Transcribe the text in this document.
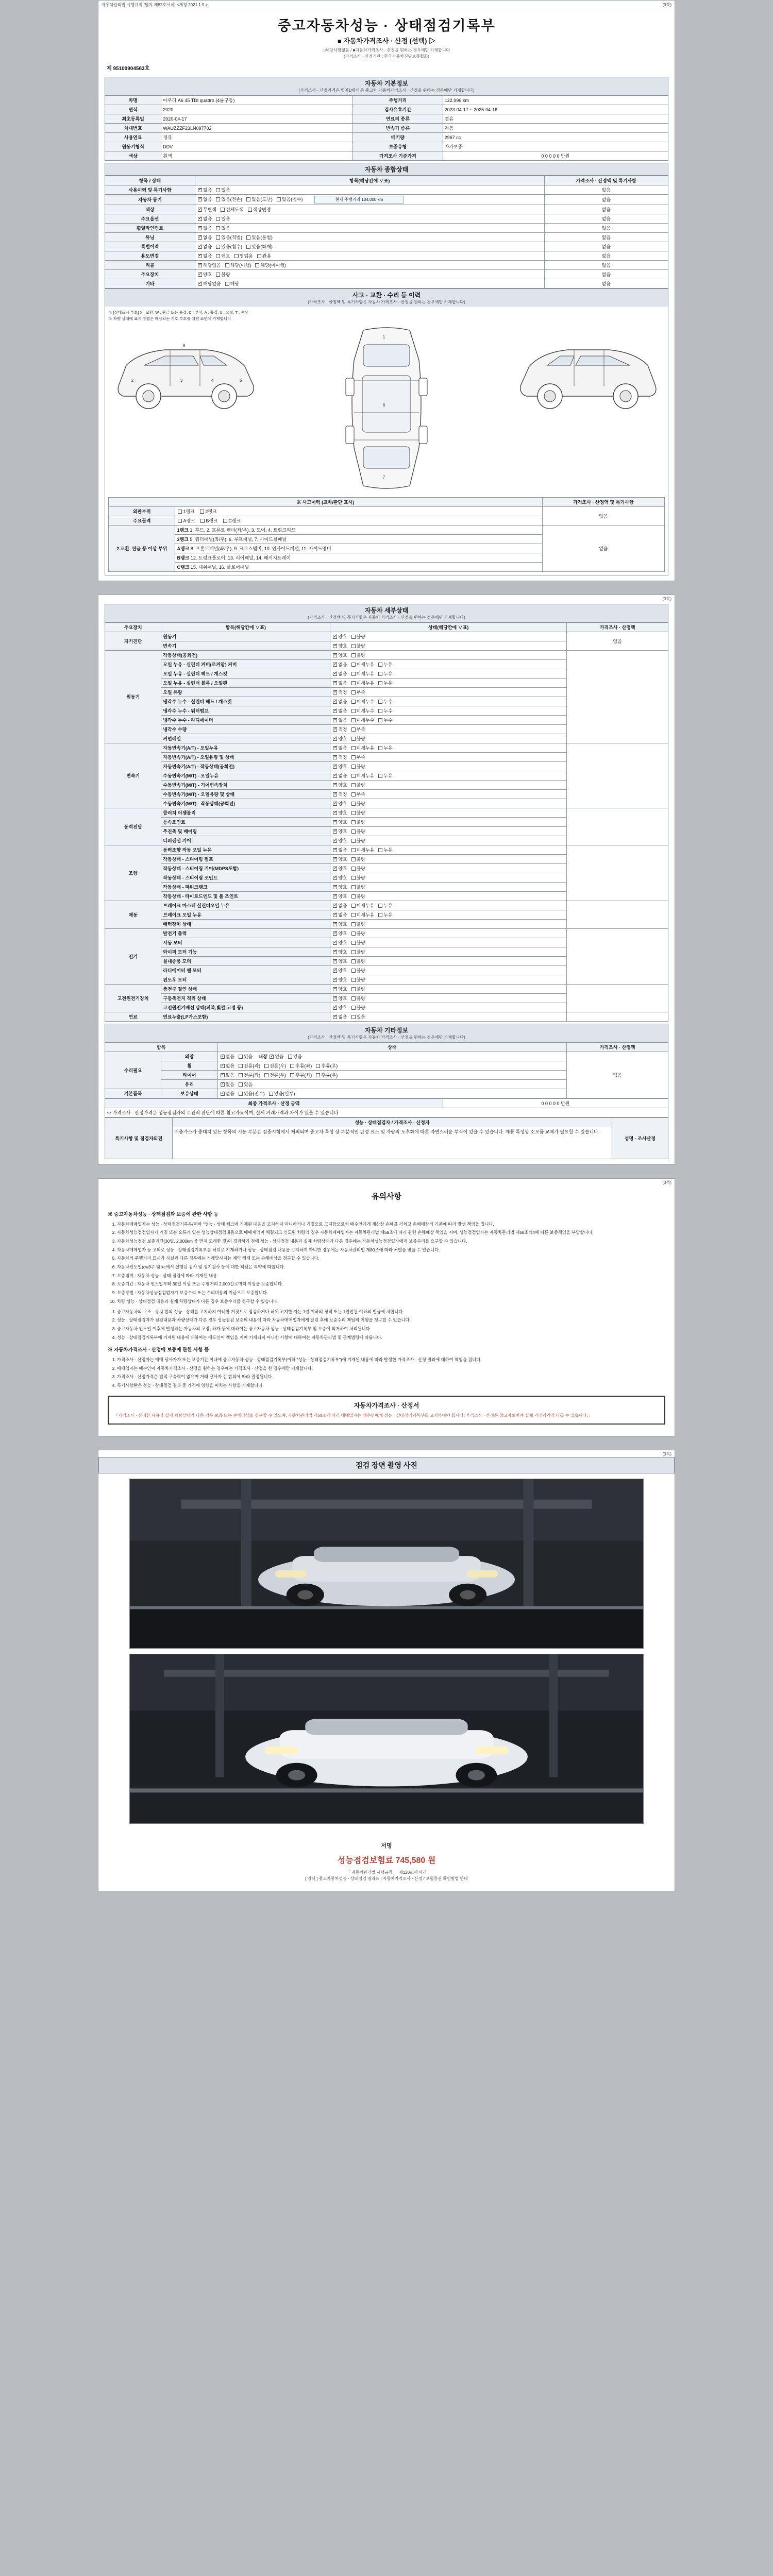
자동차관리법 시행규칙 [별지 제82호서식] <개정 2021.1.5.>	(3쪽)
중고자동차성능 · 상태점검기록부
■ 자동차가격조사 · 산정 (선택) ▷
□해당사항없음 / ■자동차가격조사 · 산정을 원하는 경우에만 기재합니다
(가격조사 · 산정기관 : 한국자동차진단보증협회)
제 95100904563호
자동차 기본정보
(가격조사 · 산정가격은 별지1에 따른 중고차 자동차가격조사 · 산정을 원하는 경우에만 기재합니다)
차명	아우디 A6 45 TDI quattro (4륜구동)	주행거리	122,996 km
연식	2020	검사유효기간	2023-04-17 ~ 2025-04-16
최초등록일	2020-04-17	연료의 종류	경유
차대번호	WAUZZZF23LN097702	변속기 종류	자동
사용연료	경유	배기량	2967 cc
원동기형식	DDV	보증유형	자가보증
색상	흰색	가격조사 기준가격	0 0 0 0 0 만원
자동차 종합상태
항목 / 상태	항목(해당칸에 ∨표)	가격조사 · 산정액 및 특기사항
사용이력 및 특기사항	✓없음 있음	없음
자동차 등기	✓없음 있음(전손) 있음(도난) 있음(침수) 현재 주행거리 104,000 km	없음
색상	✓무변색 전체도색 색상변경	없음
주요옵션	✓없음 있음	없음
휠얼라인먼트	✓없음 있음	없음
튜닝	✓없음 있음(적법) 있음(불법)	없음
특별이력	✓없음 있음(침수) 있음(화재)	없음
용도변경	✓없음 렌트 영업용 관용	없음
리콜	✓해당없음 해당(이행) 해당(미이행)	없음
주요장치	✓양호 불량	없음
기타	✓해당없음 해당	없음
사고 · 교환 · 수리 등 이력
(가격조사 · 산정액 및 특기사항은 자동차 가격조사 · 산정을 원하는 경우에만 기재합니다)
※ [상태표시 부호] X : 교환, W : 판금 또는 용접, C : 부식, A : 흠집, U : 요철, T : 손상
※ 차량 상태에 표시 방법은 해당되는 기호 부호를 차량 표면에 기재합니다
2	3	4	5
6
1
6
7
※ 사고이력 (교차/판단 표시)		가격조사 · 산정액 및 특기사항
외판부위	1랭크 2랭크	없음
주요골격	A랭크 B랭크 C랭크	
2.교환, 판금 등 이상 부위	1랭크 1. 후드, 2. 프론트 펜더(좌/우), 3. 도어, 4. 트렁크리드	없음
	2랭크 5. 쿼터패널(좌/우), 6. 루프패널, 7. 사이드실패널	
	A랭크 8. 프론트패널(좌/우), 9. 크로스멤버, 10. 인사이드패널, 11. 사이드멤버	
	B랭크 12. 트렁크플로어, 13. 리어패널, 14. 패키지트레이	
	C랭크 15. 대쉬패널, 16. 플로어패널	
(3쪽)
자동차 세부상태
(가격조사 · 산정액 및 특기사항은 자동차 가격조사 · 산정을 원하는 경우에만 기재합니다)
주요장치	항목(해당칸에 ∨표)	상태(해당칸에 ∨표)	가격조사 · 산정액
자기진단	원동기	✓양호 불량	없음
	변속기	✓양호 불량
원동기	작동상태(공회전)	✓양호 불량	
	오일 누유 - 실린더 커버(로커암) 커버	✓없음 미세누유 누유
	오일 누유 - 실린더 헤드 / 개스킷	✓없음 미세누유 누유
	오일 누유 - 실린더 블록 / 오일팬	✓없음 미세누유 누유
	오일 유량	✓적정 부족
	냉각수 누수 - 실린더 헤드 / 개스킷	✓없음 미세누수 누수
	냉각수 누수 - 워터펌프	✓없음 미세누수 누수
	냉각수 누수 - 라디에이터	✓없음 미세누수 누수
	냉각수 수량	✓적정 부족
	커먼레일	✓양호 불량
변속기	자동변속기(A/T) - 오일누유	✓없음 미세누유 누유	
	자동변속기(A/T) - 오일유량 및 상태	✓적정 부족
	자동변속기(A/T) - 작동상태(공회전)	✓양호 불량
	수동변속기(M/T) - 오일누유	✓없음 미세누유 누유
	수동변속기(M/T) - 기어변속장치	✓양호 불량
	수동변속기(M/T) - 오일유량 및 상태	✓적정 부족
	수동변속기(M/T) - 작동상태(공회전)	✓양호 불량
동력전달	클러치 어셈블리	✓양호 불량	
	등속조인트	✓양호 불량
	추진축 및 베어링	✓양호 불량
	디퍼렌셜 기어	✓양호 불량
조향	동력조향 작동 오일 누유	✓없음 미세누유 누유	
	작동상태 - 스티어링 펌프	✓양호 불량
	작동상태 - 스티어링 기어(MDPS포함)	✓양호 불량
	작동상태 - 스티어링 조인트	✓양호 불량
	작동상태 - 파워크랭크	✓양호 불량
	작동상태 - 타이로드엔드 및 볼 조인트	✓양호 불량
제동	브레이크 마스터 실린더오일 누유	✓없음 미세누유 누유	
	브레이크 오일 누유	✓없음 미세누유 누유
	배력장치 상태	✓양호 불량
전기	발전기 출력	✓양호 불량	
	시동 모터	✓양호 불량
	와이퍼 모터 기능	✓양호 불량
	실내송풍 모터	✓양호 불량
	라디에이터 팬 모터	✓양호 불량
	윈도우 모터	✓양호 불량
고전원전기장치	충전구 절연 상태	✓양호 불량	
	구동축전지 격리 상태	✓양호 불량
	고전원전기배선 상태(피복,빛깔,고정 등)	✓양호 불량
연료	연료누출(LP가스포함)	✓없음 있음	
자동차 기타정보
(가격조사 · 산정액 및 특기사항은 자동차 가격조사 · 산정을 원하는 경우에만 기재합니다)
항목		상태	가격조사 · 산정액
수리필요	외장	✓없음 있음 내장 ✓ 없음 있음	없음
	휠	✓없음 전륜(좌) 전륜(우) 후륜(좌) 후륜(우)
	타이어	✓없음 전륜(좌) 전륜(우) 후륜(좌) 후륜(우)
	유리	✓없음 있음
기본품목	보유상태	✓없음 있음(전부) 있음(일부)
최종 가격조사 · 산정 금액	0 0 0 0 0 만원
※ 가격조사 · 산정가격은 성능점검자의 주관적 판단에 따른 참고자료이며, 실제 거래가격과 차이가 있을 수 있습니다
특기사항 및 점검자의견	성능 · 상태점검자 / 가격조사 · 산정자	성명 · 조사산정
배출가스가 중대치 있는 항목의 기능 부분은 검증시험에서 제외되며 중고차 특성 상 부분적인 판정 요소 및 자량의 노후화에 따른 자연스러운 부식이 있을 수 있습니다. 제품 특성상 소모품 교체가 필요할 수 있습니다.
(3쪽)
유의사항
※ 중고자동차성능 · 상태점검과 보증에 관한 사항 등
1. 자동차매매업자는 성능 · 상태점검기록부(이하 "성능 · 상태 체크에 기재된 내용을 고지하지 아니하거나 거짓으로 고지함으로써 매수인에게 재산상 손해를 끼치고 손해배상의 기준에 따라 발생 책임을 집니다.
2. 자동차성능점검업자가 거짓 또는 오류가 있는 성능상태점검내용으로 매매계약이 체결되고 인도된 차량의 경우 자동차매매업자는 자동차관리법 제58조에 따라 관련 손해배상 책임을 지며, 성능점검업자는 자동차관리법 제58조의4에 따른 보증책임을 부담합니다.
3. 자동차성능점검 보증기간(30일, 2,000km 중 먼저 도래한 것)이 경과하기 전에 성능 · 상태점검 내용과 실제 차량상태가 다른 경우에는 자동차성능점검업자에게 보증수리를 요구할 수 있습니다.
4. 자동차매매업자 등 고의로 성능 · 상태점검기록부를 허위로 기재하거나 성능 · 상태점검 내용을 고지하지 아니한 경우에는 자동차관리법 제80조에 따라 처벌을 받을 수 있습니다.
5. 자동차의 주행거리 표시가 사실과 다른 경우에는 거래당사자는 계약 해제 또는 손해배상을 청구할 수 있습니다.
6. 자동차인도일(cw3주 및 kc에서 실행된 검사 및 정기검사 등에 대한 책임은 특약에 따릅니다.
7. 보증범위 : 자동차 성능 · 상태 점검에 따라 기재된 내용
8. 보증기간 : 자동차 인도일부터 30일 이상 또는 주행거리 2,000킬로미터 이상을 보증합니다.
9. 보증방법 : 자동차성능점검업자가 보증수리 또는 수리비용의 지급으로 보증합니다.
10. 차량 성능 · 상태점검 내용과 실제 차량상태가 다른 경우 보증수리를 청구할 수 있습니다.
1. 중고자동차의 구조 · 장치 합의 성능 · 상태를 고지하지 아니한 거짓으로 점검하거나 허위 고지한 자는 1년 이하의 징역 또는 1천만원 이하의 벌금에 처합니다.
2. 성능 · 상태점검자가 점검내용과 차량상태가 다른 경우 성능점검 보증의 내용에 따라 자동차매매업자에게 알린 후에 보증수리 책임의 이행을 청구할 수 있습니다.
3. 중고자동차 인도일 이후에 발생하는 자동차의 고장, 하자 등에 대하여는 중고자동차 성능 · 상태점검기록부 및 보증에 의거하여 처리됩니다.
4. 성능 · 상태점검기록부에 기재된 내용에 대하여는 매도인이 책임을 지며 기재되지 아니한 사항에 대하여는 자동차관리법 및 관계법령에 따릅니다.
※ 자동차가격조사 · 산정에 보증에 관한 사항 등
1. 가격조사 · 산정자는 매매 당사자가 또는 보증기간 이내에 중고자동차 성능 · 상태점검기록부(이하 "성능 · 상태점검기록부")에 기재된 내용에 따라 발생한 가격조사 · 산정 결과에 대하여 책임을 집니다.
2. 매매업자는 매수인이 자동차가격조사 · 산정을 원하는 경우에는 가격조사 · 산정을 한 경우에만 기재합니다.
3. 가격조사 · 산정가격은 법적 구속력이 없으며 거래 당사자 간 합의에 따라 결정됩니다.
4. 특기사항란은 성능 · 상태점검 결과 중 가격에 영향을 미치는 사항을 기재합니다.
자동차가격조사 · 산정서
「가격조사 · 산정한 내용과 실제 차량상태가 다른 경우 보증 또는 손해배상을 청구할 수 있으며, 자동차관리법 제58조에 따라 매매업자는 매수인에게 성능 · 상태점검기록부를 고지하여야 합니다. 가격조사 · 산정은 참고자료이며 실제 거래가격과 다를 수 있습니다.」
(3쪽)
점검 장면 촬영 사진
서명
성능점검보험료 745,580 원
「 자동차관리법 시행규칙 」 제120조에 따라
[ 양식 ] 중고자동차성능 · 상태점검 결과표 | 자동차가격조사 · 산정 / 보험증권 확인방법 안내
